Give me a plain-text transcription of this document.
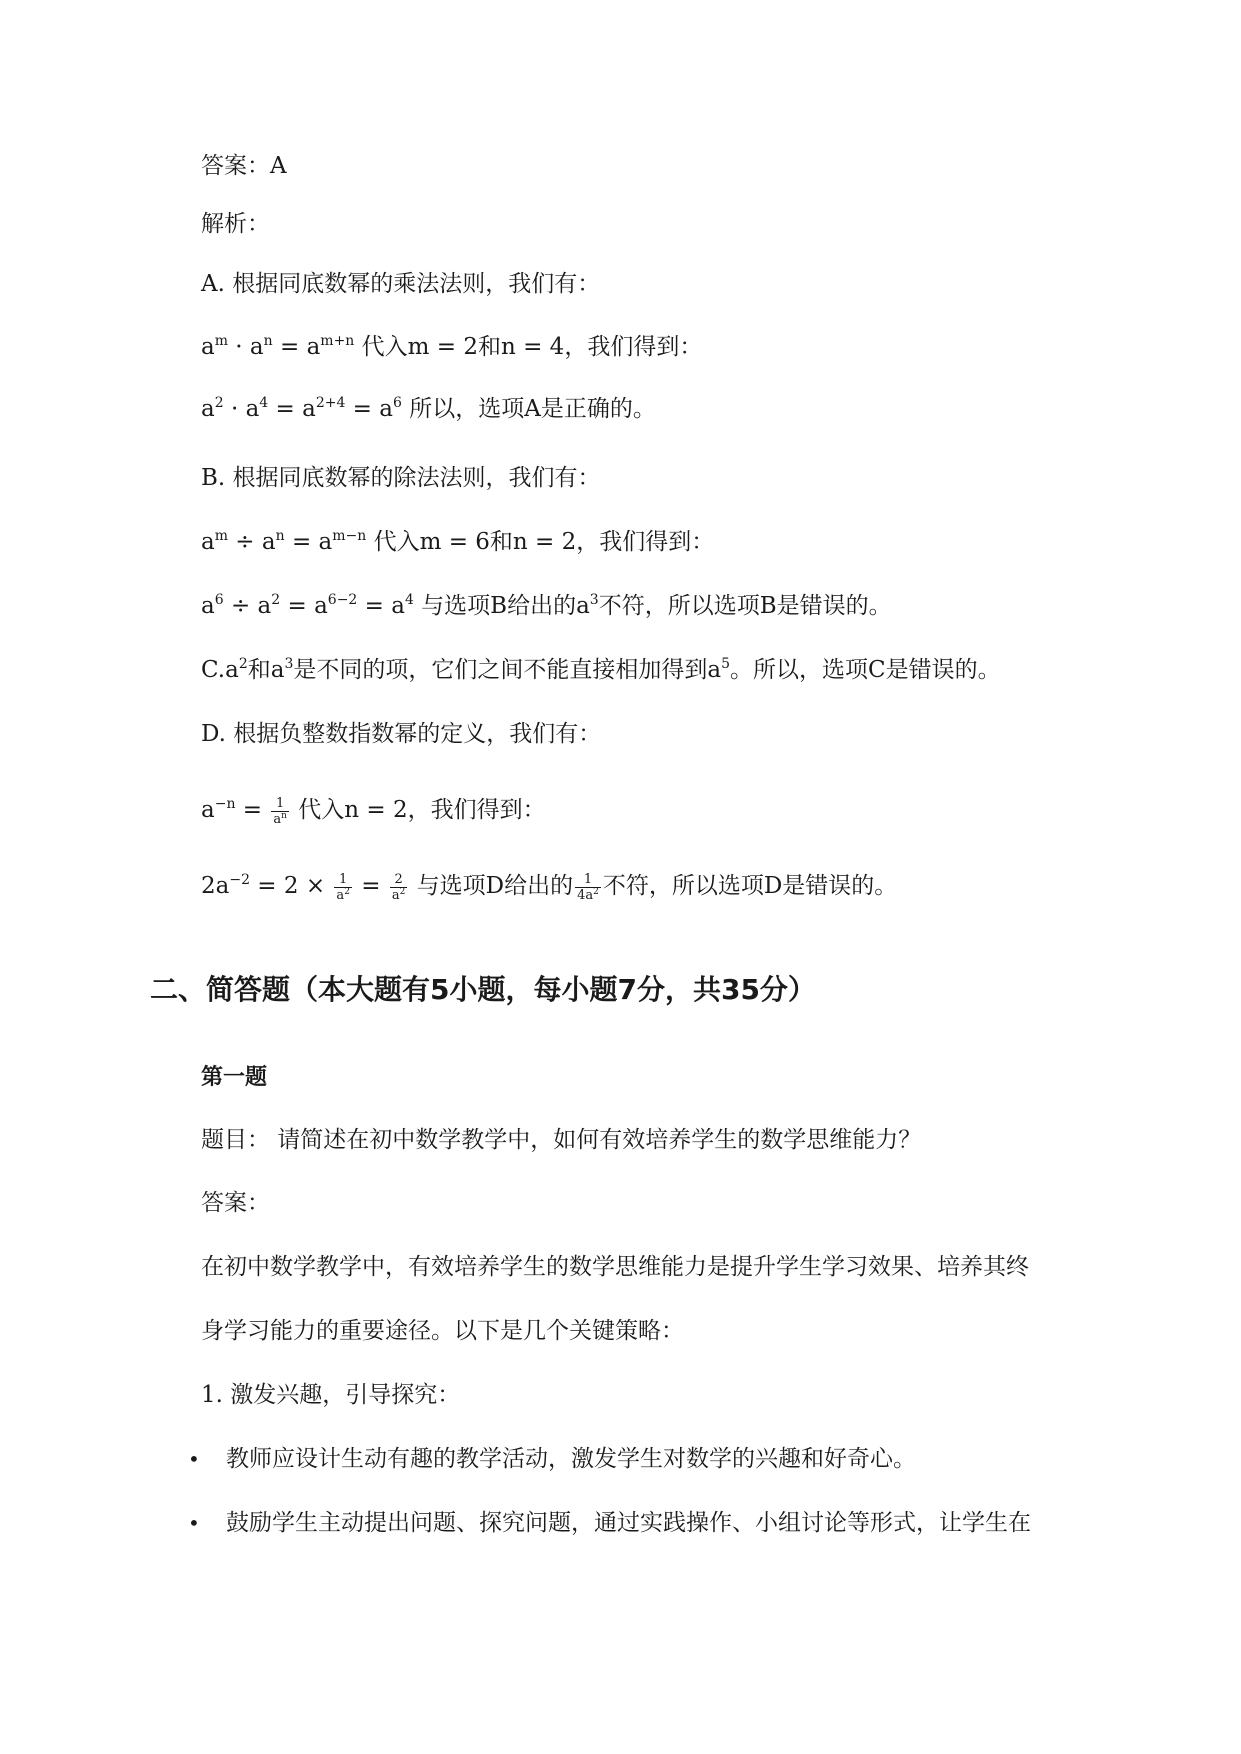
答案：A
解析：
A. 根据同底数幂的乘法法则，我们有：
$a^m \cdot a^n = a^{m+n}$ 代入m = 2和n = 4，我们得到：
$a^2 \cdot a^4 = a^{2+4} = a^6$ 所以，选项A是正确的。
B. 根据同底数幂的除法法则，我们有：
$a^m \div a^n = a^{m-n}$ 代入m = 6和n = 2，我们得到：
$a^6 \div a^2 = a^{6-2} = a^4$ 与选项B给出的$a^3$不符，所以选项B是错误的。
$C.a^2$和$a^3$是不同的项，它们之间不能直接相加得到$a^5$。所以，选项C是错误的。
D. 根据负整数指数幂的定义，我们有：
$a^{-n} = \frac{1}{a^n}$ 代入n = 2，我们得到：
$2a^{-2} = 2 \times \frac{1}{a^2} = \frac{2}{a^2}$ 与选项D给出的 $\frac{1}{4a^2}$ 不符，所以选项D是错误的。
二、简答题（本大题有5小题，每小题7分，共35分）
第一题
题目： 请简述在初中数学教学中，如何有效培养学生的数学思维能力？
答案：
在初中数学教学中，有效培养学生的数学思维能力是提升学生学习效果、培养其终
身学习能力的重要途径。以下是几个关键策略：
1. 激发兴趣，引导探究：
• 教师应设计生动有趣的教学活动，激发学生对数学的兴趣和好奇心。
• 鼓励学生主动提出问题、探究问题，通过实践操作、小组讨论等形式，让学生在
